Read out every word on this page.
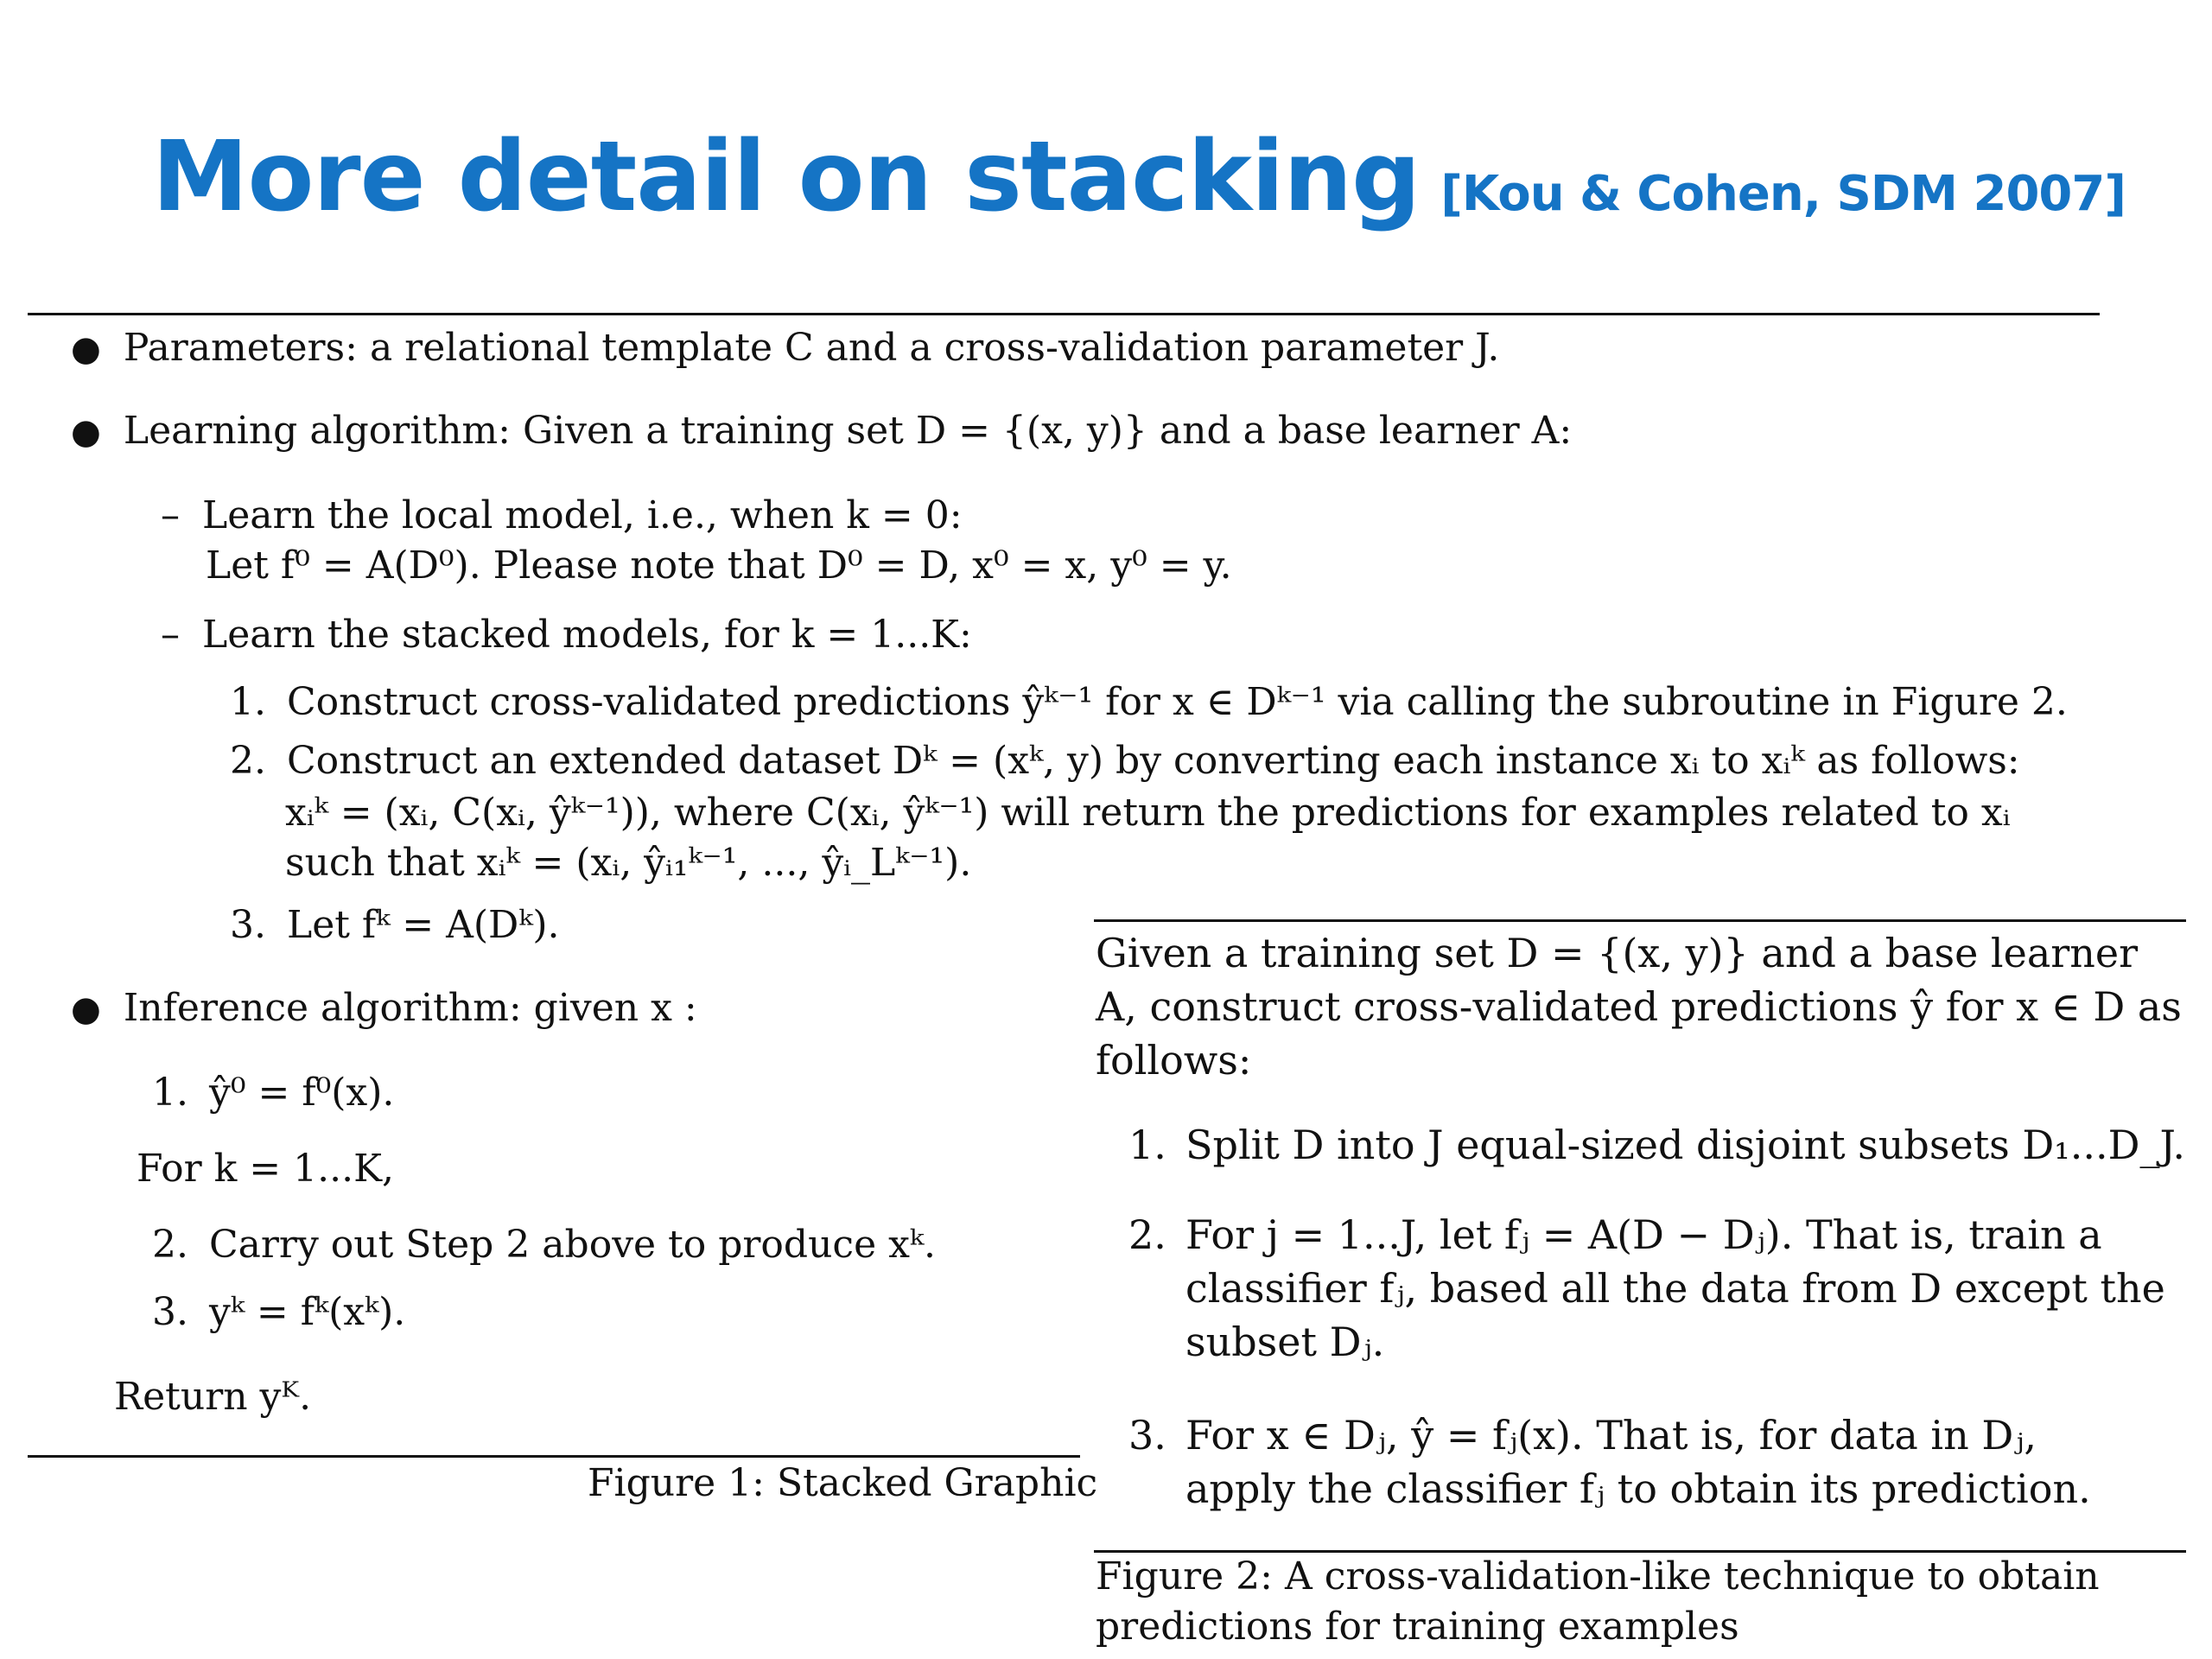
More detail on stacking [Kou & Cohen, SDM 2007]
● Parameters: a relational template C and a cross-validation parameter J.
● Learning algorithm: Given a training set D = {(x, y)} and a base learner A:
– Learn the local model, i.e., when k = 0:
Let f⁰ = A(D⁰). Please note that D⁰ = D, x⁰ = x, y⁰ = y.
– Learn the stacked models, for k = 1...K:
1. Construct cross-validated predictions ŷᵏ⁻¹ for x ∈ Dᵏ⁻¹ via calling the subroutine in Figure 2.
2. Construct an extended dataset Dᵏ = (xᵏ, y) by converting each instance xᵢ to xᵢᵏ as follows:
xᵢᵏ = (xᵢ, C(xᵢ, ŷᵏ⁻¹)), where C(xᵢ, ŷᵏ⁻¹) will return the predictions for examples related to xᵢ
such that xᵢᵏ = (xᵢ, ŷᵢ₁ᵏ⁻¹, ..., ŷᵢ_Lᵏ⁻¹).
3. Let fᵏ = A(Dᵏ).
● Inference algorithm: given x :
1. ŷ⁰ = f⁰(x).
For k = 1...K,
2. Carry out Step 2 above to produce xᵏ.
3. yᵏ = fᵏ(xᵏ).
Return yᴷ.
Figure 1: Stacked Graphic
Given a training set D = {(x, y)} and a base learner
A, construct cross-validated predictions ŷ for x ∈ D as
follows:
1. Split D into J equal-sized disjoint subsets D₁...D_J.
2. For j = 1...J, let fⱼ = A(D − Dⱼ). That is, train a
classifier fⱼ, based all the data from D except the
subset Dⱼ.
3. For x ∈ Dⱼ, ŷ = fⱼ(x). That is, for data in Dⱼ,
apply the classifier fⱼ to obtain its prediction.
Figure 2: A cross-validation-like technique to obtain
predictions for training examples
